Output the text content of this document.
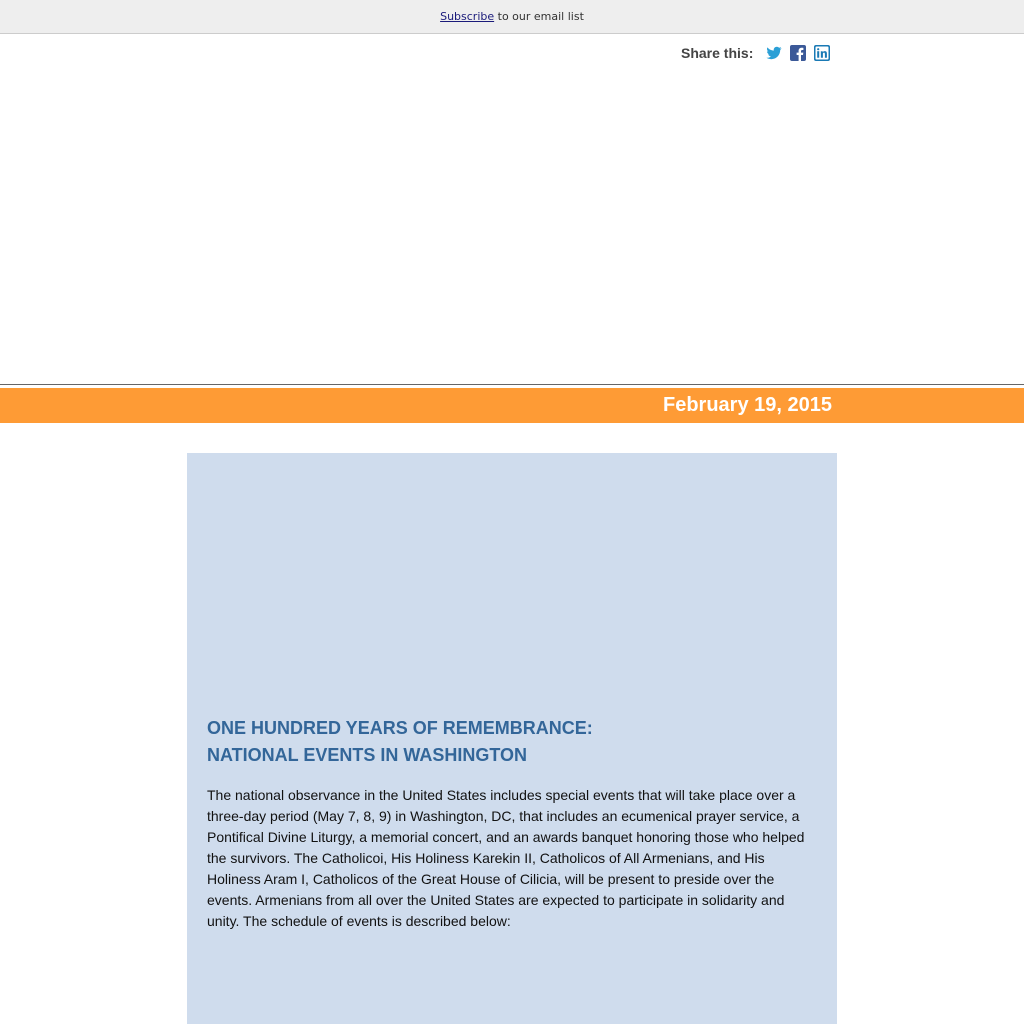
Subscribe to our email list
Share this:
February 19, 2015
ONE HUNDRED YEARS OF REMEMBRANCE:
NATIONAL EVENTS IN WASHINGTON

The national observance in the United States includes special events that will take place over a three-day period (May 7, 8, 9) in Washington, DC, that includes an ecumenical prayer service, a Pontifical Divine Liturgy, a memorial concert, and an awards banquet honoring those who helped the survivors. The Catholicoi, His Holiness Karekin II, Catholicos of All Armenians, and His Holiness Aram I, Catholicos of the Great House of Cilicia, will be present to preside over the events. Armenians from all over the United States are expected to participate in solidarity and unity. The schedule of events is described below:
